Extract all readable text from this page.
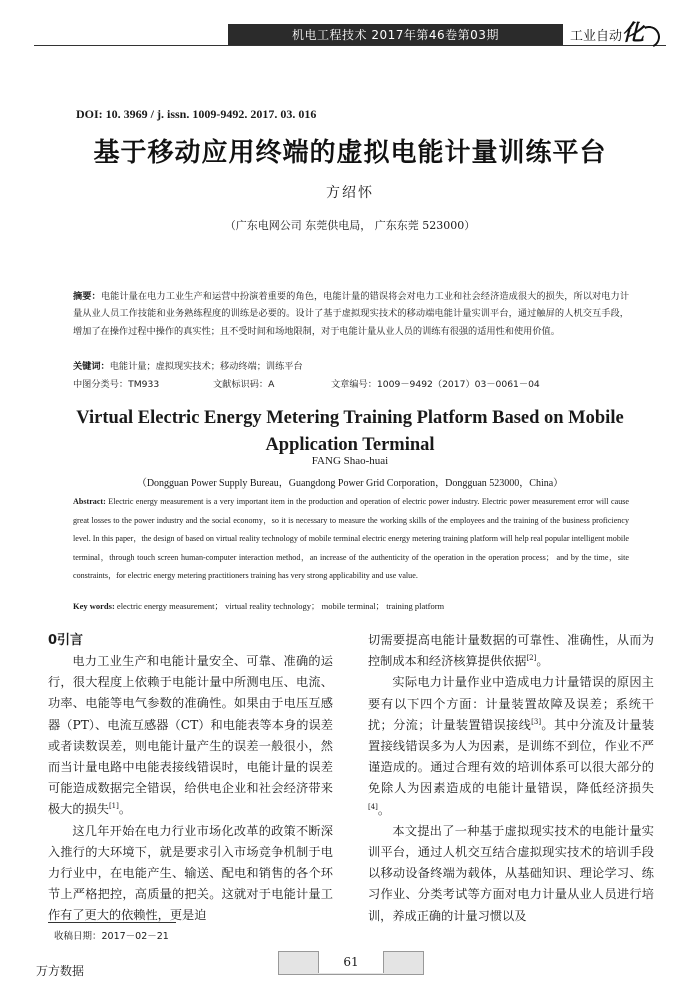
机电工程技术 2017年第46卷第03期	工业自动化
DOI: 10. 3969 / j. issn. 1009-9492. 2017. 03. 016
基于移动应用终端的虚拟电能计量训练平台
方绍怀
（广东电网公司 东莞供电局， 广东东莞 523000）
摘要：电能计量在电力工业生产和运营中扮演着重要的角色，电能计量的错误将会对电力工业和社会经济造成很大的损失，所以对电力计量从业人员工作技能和业务熟练程度的训练是必要的。设计了基于虚拟现实技术的移动端电能计量实训平台，通过触屏的人机交互手段，增加了在操作过程中操作的真实性；且不受时间和场地限制，对于电能计量从业人员的训练有很强的适用性和使用价值。
关键词：电能计量；虚拟现实技术；移动终端；训练平台
中图分类号：TM933	文献标识码：A	文章编号：1009－9492（2017）03－0061－04
Virtual Electric Energy Metering Training Platform Based on Mobile Application Terminal
FANG Shao-huai
（Dongguan Power Supply Bureau，Guangdong Power Grid Corporation，Dongguan 523000，China）
Abstract: Electric energy measurement is a very important item in the production and operation of electric power industry. Electric power measurement error will cause great losses to the power industry and the social economy，so it is necessary to measure the working skills of the employees and the training of the business proficiency level. In this paper，the design of based on virtual reality technology of mobile terminal electric energy metering training platform will help real popular intelligent mobile terminal，through touch screen human-computer interaction method，an increase of the authenticity of the operation in the operation process； and by the time，site constraints，for electric energy metering practitioners training has very strong applicability and use value.
Key words: electric energy measurement； virtual reality technology； mobile terminal； training platform
0引言

电力工业生产和电能计量安全、可靠、准确的运行，很大程度上依赖于电能计量中所测电压、电流、功率、电能等电气参数的准确性。如果由于电压互感器（PT）、电流互感器（CT）和电能表等本身的误差或者读数误差，则电能计量产生的误差一般很小，然而当计量电路中电能表接线错误时，电能计量的误差可能造成数据完全错误，给供电企业和社会经济带来极大的损失[1]。

这几年开始在电力行业市场化改革的政策不断深入推行的大环境下，就是要求引入市场竞争机制于电力行业中，在电能产生、输送、配电和销售的各个环节上严格把控，高质量的把关。这就对于电能计量工作有了更大的依赖性，更是迫

切需要提高电能计量数据的可靠性、准确性，从而为控制成本和经济核算提供依据[2]。

实际电力计量作业中造成电力计量错误的原因主要有以下四个方面：计量装置故障及误差；系统干扰；分流；计量装置错误接线[3]。其中分流及计量装置接线错误多为人为因素，是训练不到位，作业不严谨造成的。通过合理有效的培训体系可以很大部分的免除人为因素造成的电能计量错误，降低经济损失[4]。

本文提出了一种基于虚拟现实技术的电能计量实训平台，通过人机交互结合虚拟现实技术的培训手段以移动设备终端为载体，从基础知识、理论学习、练习作业、分类考试等方面对电力计量从业人员进行培训，养成正确的计量习惯以及

收稿日期：2017－02－21
万方数据
61
